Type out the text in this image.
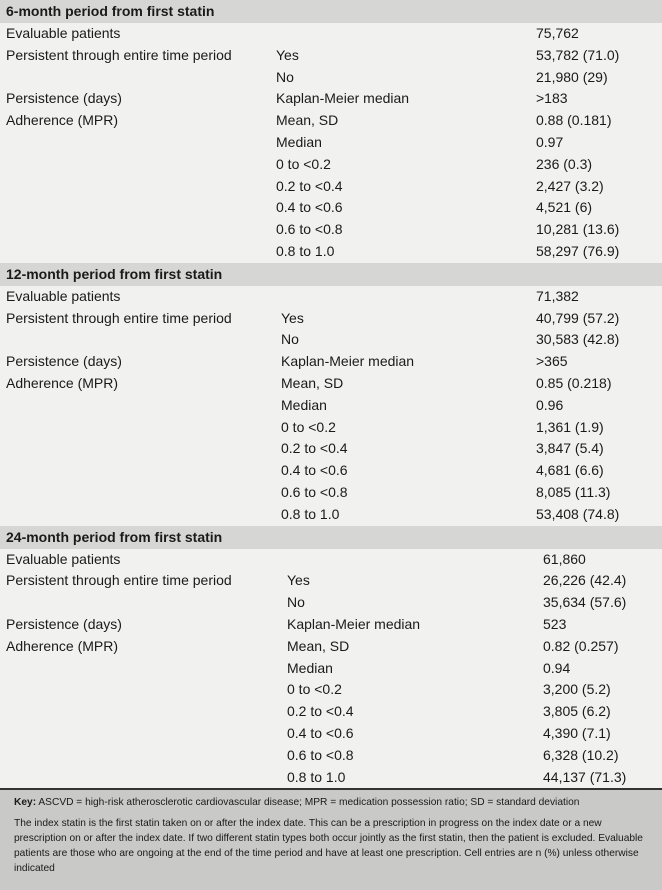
6-month period from first statin
Evaluable patients	75,762
Persistent through entire time period	Yes	53,782 (71.0)
No	21,980 (29)
Persistence (days)	Kaplan-Meier median	>183
Adherence (MPR)	Mean, SD	0.88 (0.181)
Median	0.97
0 to <0.2	236 (0.3)
0.2 to <0.4	2,427 (3.2)
0.4 to <0.6	4,521 (6)
0.6 to <0.8	10,281 (13.6)
0.8 to 1.0	58,297 (76.9)
12-month period from first statin
Evaluable patients	71,382
Persistent through entire time period	Yes	40,799 (57.2)
No	30,583 (42.8)
Persistence (days)	Kaplan-Meier median	>365
Adherence (MPR)	Mean, SD	0.85 (0.218)
Median	0.96
0 to <0.2	1,361 (1.9)
0.2 to <0.4	3,847 (5.4)
0.4 to <0.6	4,681 (6.6)
0.6 to <0.8	8,085 (11.3)
0.8 to 1.0	53,408 (74.8)
24-month period from first statin
Evaluable patients	61,860
Persistent through entire time period	Yes	26,226 (42.4)
No	35,634 (57.6)
Persistence (days)	Kaplan-Meier median	523
Adherence (MPR)	Mean, SD	0.82 (0.257)
Median	0.94
0 to <0.2	3,200 (5.2)
0.2 to <0.4	3,805 (6.2)
0.4 to <0.6	4,390 (7.1)
0.6 to <0.8	6,328 (10.2)
0.8 to 1.0	44,137 (71.3)
Key: ASCVD = high-risk atherosclerotic cardiovascular disease; MPR = medication possession ratio; SD = standard deviation
The index statin is the first statin taken on or after the index date. This can be a prescription in progress on the index date or a new prescription on or after the index date. If two different statin types both occur jointly as the first statin, then the patient is excluded. Evaluable patients are those who are ongoing at the end of the time period and have at least one prescription. Cell entries are n (%) unless otherwise indicated
